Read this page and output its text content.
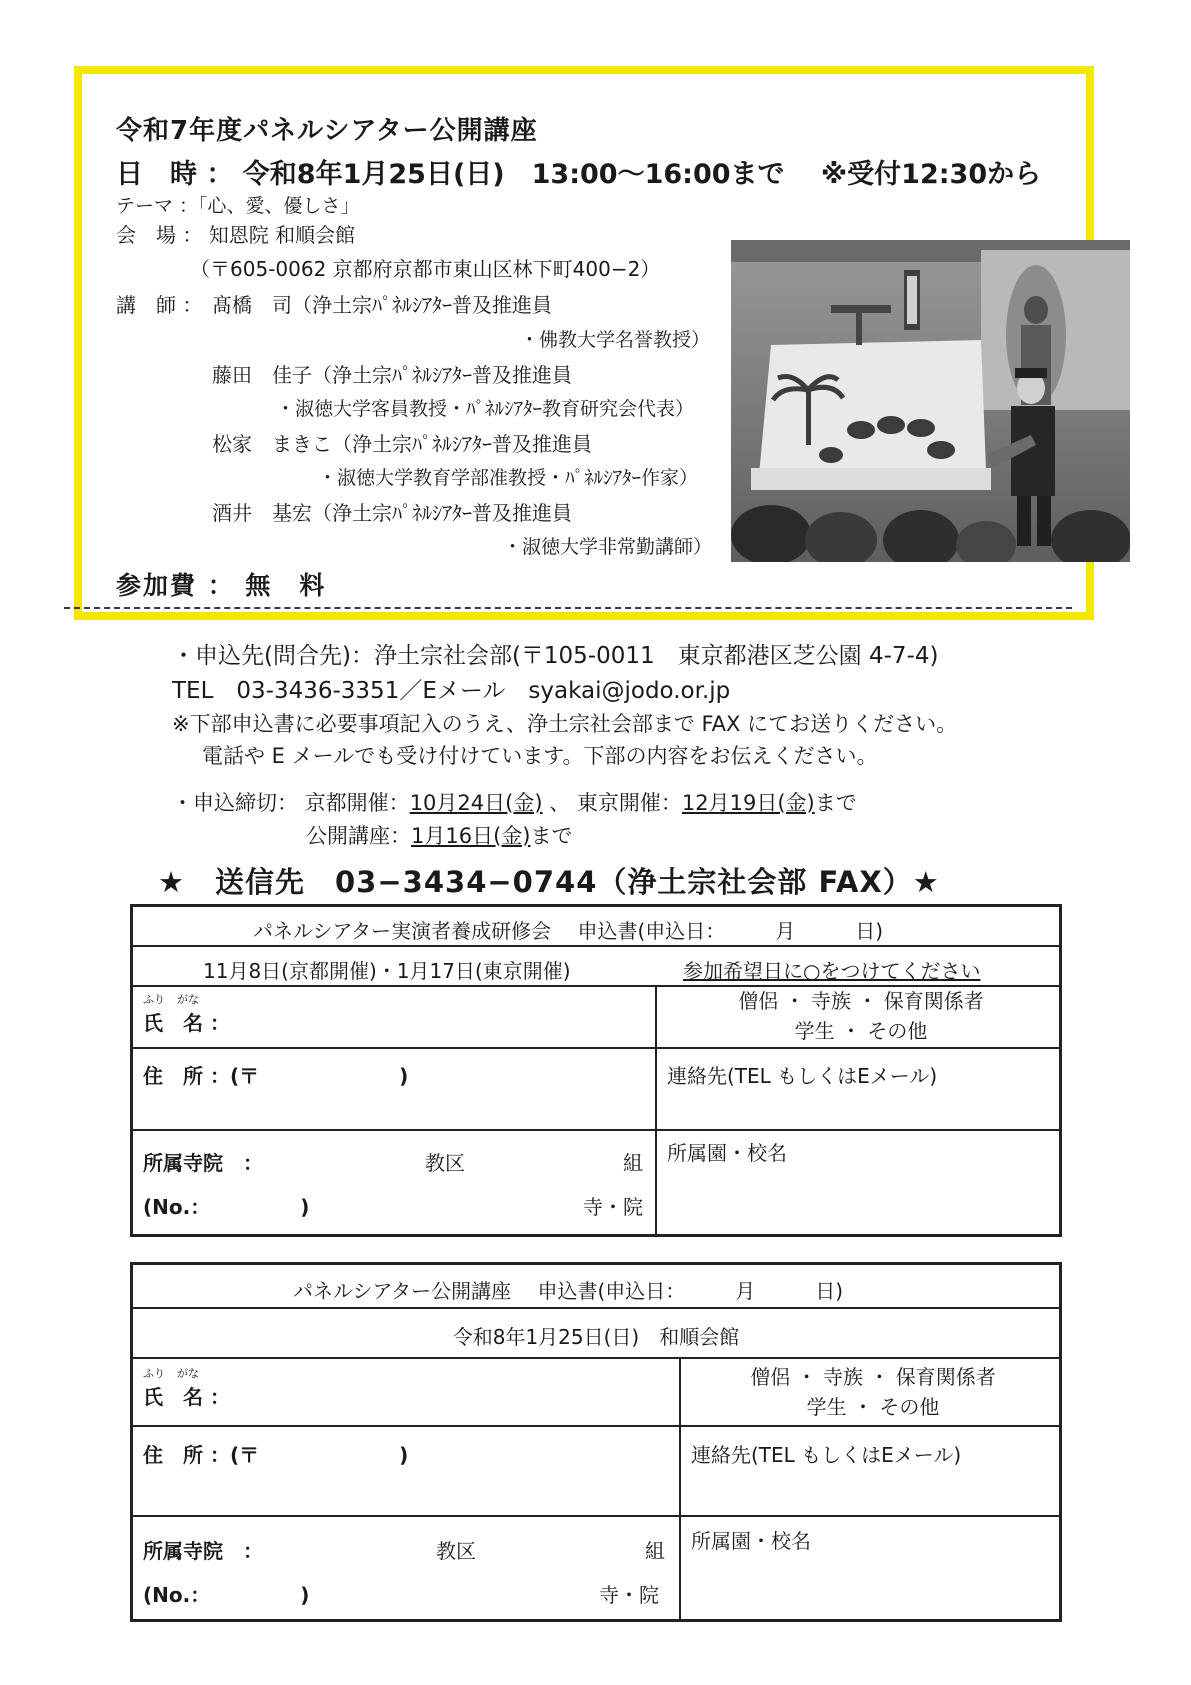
令和7年度パネルシアター公開講座
日　時 ： 令和8年1月25日(日)　13:00〜16:00まで　 ※受付12:30から
テーマ ：「心、愛、優しさ」
会　場 ： 知恩院 和順会館
（〒605-0062 京都府京都市東山区林下町400−2）
講　師 ： 髙橋　司（浄土宗ﾊﾟﾈﾙｼｱﾀｰ普及推進員
・佛教大学名誉教授）
藤田　佳子（浄土宗ﾊﾟﾈﾙｼｱﾀｰ普及推進員
・淑徳大学客員教授・ﾊﾟﾈﾙｼｱﾀｰ教育研究会代表）
松家　まきこ（浄土宗ﾊﾟﾈﾙｼｱﾀｰ普及推進員
・淑徳大学教育学部准教授・ﾊﾟﾈﾙｼｱﾀｰ作家）
酒井　基宏（浄土宗ﾊﾟﾈﾙｼｱﾀｰ普及推進員
・淑徳大学非常勤講師）
参加費 ： 無　料
・申込先(問合先)：浄土宗社会部(〒105-0011　東京都港区芝公園 4-7-4)
TEL　03-3436-3351／Eメール　syakai@jodo.or.jp
※下部申込書に必要事項記入のうえ、浄土宗社会部まで FAX にてお送りください。
電話や E メールでも受け付けています。下部の内容をお伝えください。
・申込締切： 京都開催：10月24日(金) 、 東京開催：12月19日(金)まで
公開講座：1月16日(金)まで
★　送信先　03−3434−0744（浄土宗社会部 FAX）★
パネルシアター実演者養成研修会　 申込書(申込日：　　　月　　　日)
11月8日(京都開催)・1月17日(東京開催)	参加希望日に○をつけてください
ふり がな
氏　名 ：
僧侶 ・ 寺族 ・ 保育関係者
学生 ・ その他
住　所 ：(〒　　　　　　　)	連絡先(TEL もしくはEメール)
所属寺院　：	教区	組
(No.：　　　　　)	寺・院
所属園・校名
パネルシアター公開講座　 申込書(申込日：　　　月　　　日)
令和8年1月25日(日)　和順会館
ふり がな
氏　名 ：
僧侶 ・ 寺族 ・ 保育関係者
学生 ・ その他
住　所 ：(〒　　　　　　　)	連絡先(TEL もしくはEメール)
所属寺院　：	教区	組
(No.：　　　　　)	寺・院
所属園・校名
